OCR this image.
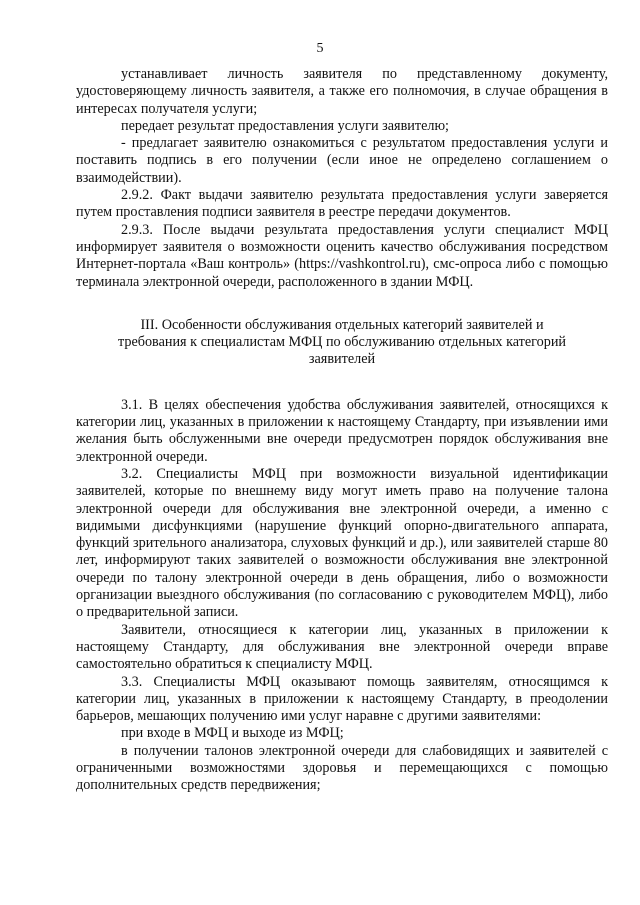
5

устанавливает личность заявителя по представленному документу, удостоверяющему личность заявителя, а также его полномочия, в случае обращения в интересах получателя услуги;

передает результат предоставления услуги заявителю;

- предлагает заявителю ознакомиться с результатом предоставления услуги и поставить подпись в его получении (если иное не определено соглашением о взаимодействии).

2.9.2. Факт выдачи заявителю результата предоставления услуги заверяется путем проставления подписи заявителя в реестре передачи документов.

2.9.3. После выдачи результата предоставления услуги специалист МФЦ информирует заявителя о возможности оценить качество обслуживания посредством Интернет-портала «Ваш контроль» (https://vashkontrol.ru), смс-опроса либо с помощью терминала электронной очереди, расположенного в здании МФЦ.

III. Особенности обслуживания отдельных категорий заявителей и
требования к специалистам МФЦ по обслуживанию отдельных категорий
заявителей

3.1. В целях обеспечения удобства обслуживания заявителей, относящихся к категории лиц, указанных в приложении к настоящему Стандарту, при изъявлении ими желания быть обслуженными вне очереди предусмотрен порядок обслуживания вне электронной очереди.

3.2. Специалисты МФЦ при возможности визуальной идентификации заявителей, которые по внешнему виду могут иметь право на получение талона электронной очереди для обслуживания вне электронной очереди, а именно с видимыми дисфункциями (нарушение функций опорно-двигательного аппарата, функций зрительного анализатора, слуховых функций и др.), или заявителей старше 80 лет, информируют таких заявителей о возможности обслуживания вне электронной очереди по талону электронной очереди в день обращения, либо о возможности организации выездного обслуживания (по согласованию с руководителем МФЦ), либо о предварительной записи.

Заявители, относящиеся к категории лиц, указанных в приложении к настоящему Стандарту, для обслуживания вне электронной очереди вправе самостоятельно обратиться к специалисту МФЦ.

3.3. Специалисты МФЦ оказывают помощь заявителям, относящимся к категории лиц, указанных в приложении к настоящему Стандарту, в преодолении барьеров, мешающих получению ими услуг наравне с другими заявителями:

при входе в МФЦ и выходе из МФЦ;

в получении талонов электронной очереди для слабовидящих и заявителей с ограниченными возможностями здоровья и перемещающихся с помощью дополнительных средств передвижения;
